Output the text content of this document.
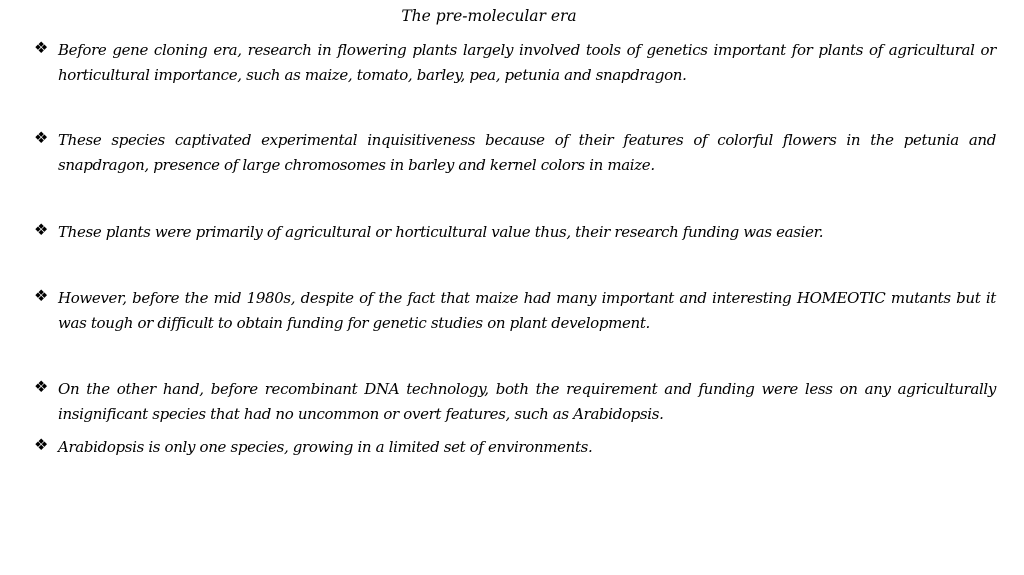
The pre-molecular era
❖ Before gene cloning era, research in flowering plants largely involved tools of genetics important for plants of agricultural or horticultural importance, such as maize, tomato, barley, pea, petunia and snapdragon.
❖ These species captivated experimental inquisitiveness because of their features of colorful flowers in the petunia and snapdragon, presence of large chromosomes in barley and kernel colors in maize.
❖ These plants were primarily of agricultural or horticultural value thus, their research funding was easier.
❖ However, before the mid 1980s, despite of the fact that maize had many important and interesting HOMEOTIC mutants but it was tough or difficult to obtain funding for genetic studies on plant development.
❖ On the other hand, before recombinant DNA technology, both the requirement and funding were less on any agriculturally insignificant species that had no uncommon or overt features, such as Arabidopsis.
❖ Arabidopsis is only one species, growing in a limited set of environments.
